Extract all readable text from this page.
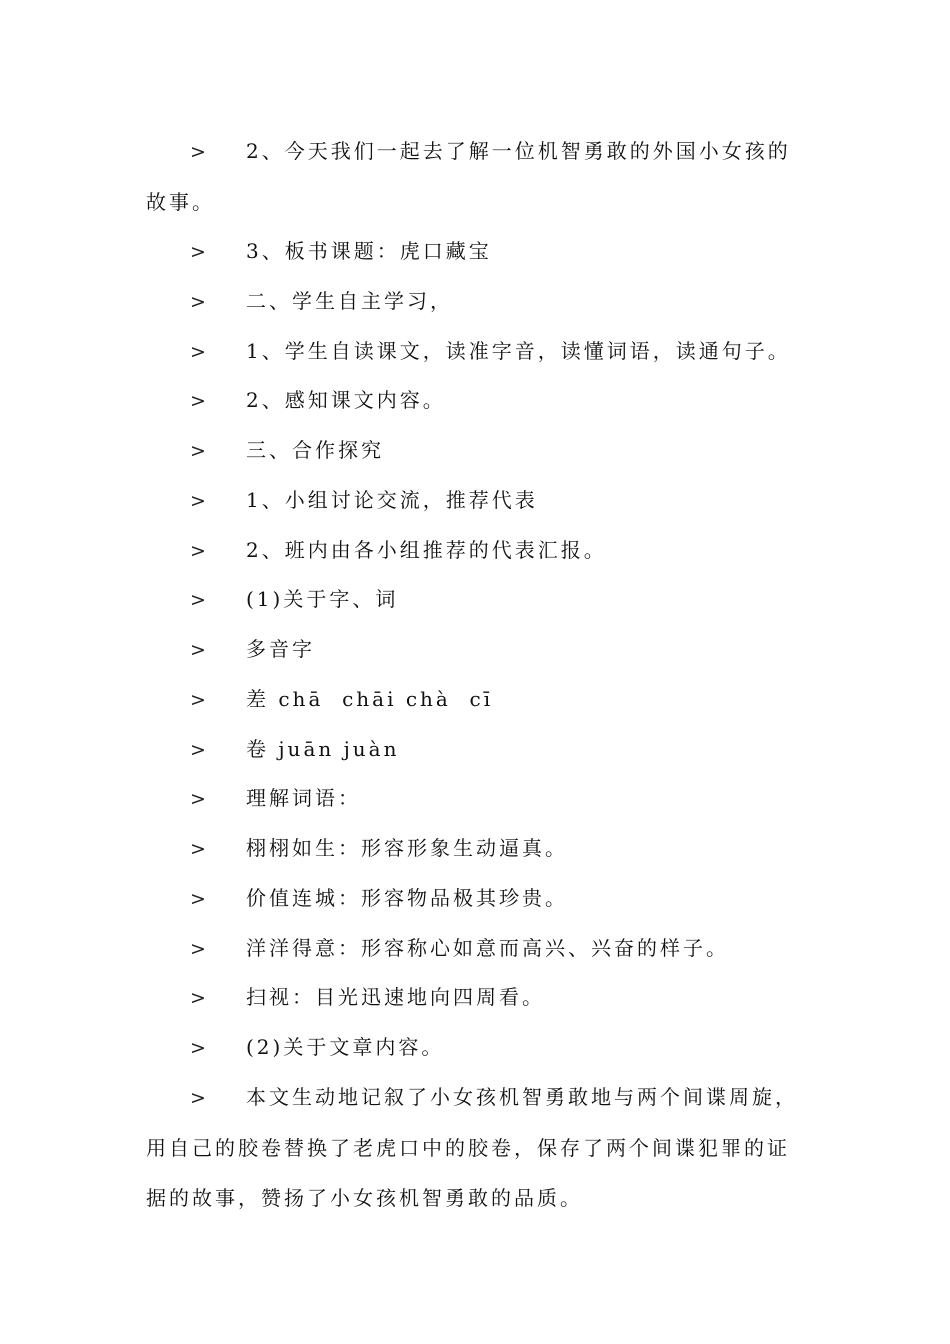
> 2、今天我们一起去了解一位机智勇敢的外国小女孩的故事。

> 3、板书课题：虎口藏宝

> 二、学生自主学习，

> 1、学生自读课文，读准字音，读懂词语，读通句子。

> 2、感知课文内容。

> 三、合作探究

> 1、小组讨论交流，推荐代表

> 2、班内由各小组推荐的代表汇报。

> (1)关于字、词

> 多音字

> 差 chā  chāi chà  cī

> 卷 juān juàn

> 理解词语：

> 栩栩如生：形容形象生动逼真。

> 价值连城：形容物品极其珍贵。

> 洋洋得意：形容称心如意而高兴、兴奋的样子。

> 扫视：目光迅速地向四周看。

> (2)关于文章内容。

> 本文生动地记叙了小女孩机智勇敢地与两个间谍周旋，用自己的胶卷替换了老虎口中的胶卷，保存了两个间谍犯罪的证据的故事，赞扬了小女孩机智勇敢的品质。
